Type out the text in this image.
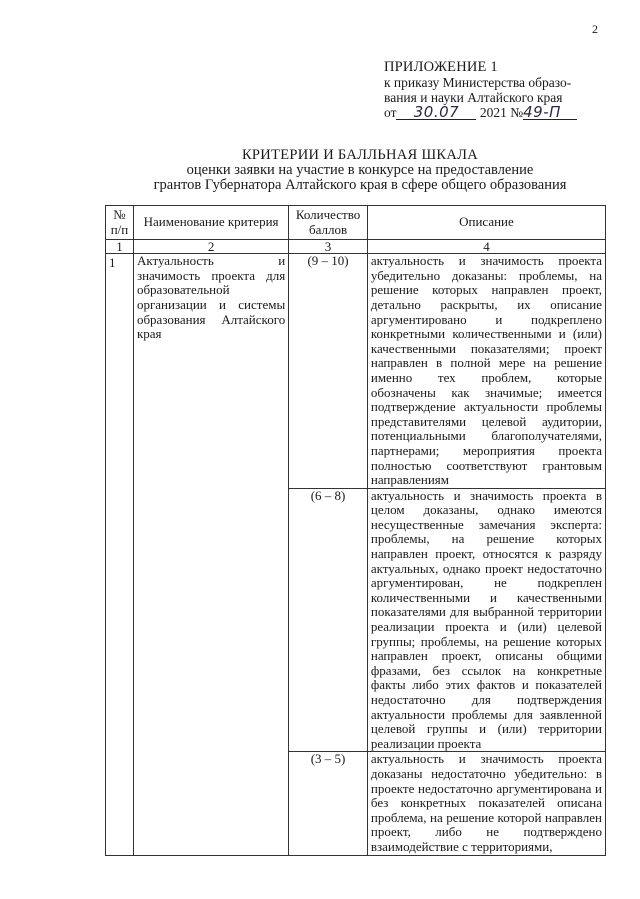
2
ПРИЛОЖЕНИЕ 1
к приказу Министерства образо-
вания и науки Алтайского края
от 30.07 2021 №49-П
КРИТЕРИИ И БАЛЛЬНАЯ ШКАЛА
оценки заявки на участие в конкурсе на предоставление
грантов Губернатора Алтайского края в сфере общего образования
№ п/п	Наименование критерия	Количество баллов	Описание
1	2	3	4
1	Актуальность и значимость проекта для образовательной организации и системы образования Алтайского края	(9 – 10)	актуальность и значимость проекта убедительно доказаны: проблемы, на решение которых направлен проект, детально раскрыты, их описание аргументировано и подкреплено конкретными количественными и (или) качественными показателями; проект направлен в полной мере на решение именно тех проблем, которые обозначены как значимые; имеется подтверждение актуальности проблемы представителями целевой аудитории, потенциальными благополучателями, партнерами; мероприятия проекта полностью соответствуют грантовым направлениям
		(6 – 8)	актуальность и значимость проекта в целом доказаны, однако имеются несущественные замечания эксперта: проблемы, на решение которых направлен проект, относятся к разряду актуальных, однако проект недостаточно аргументирован, не подкреплен количественными и качественными показателями для выбранной территории реализации проекта и (или) целевой группы; проблемы, на решение которых направлен проект, описаны общими фразами, без ссылок на конкретные факты либо этих фактов и показателей недостаточно для подтверждения актуальности проблемы для заявленной целевой группы и (или) территории реализации проекта
		(3 – 5)	актуальность и значимость проекта доказаны недостаточно убедительно: в проекте недостаточно аргументирована и без конкретных показателей описана проблема, на решение которой направлен проект, либо не подтверждено взаимодействие с территориями,
